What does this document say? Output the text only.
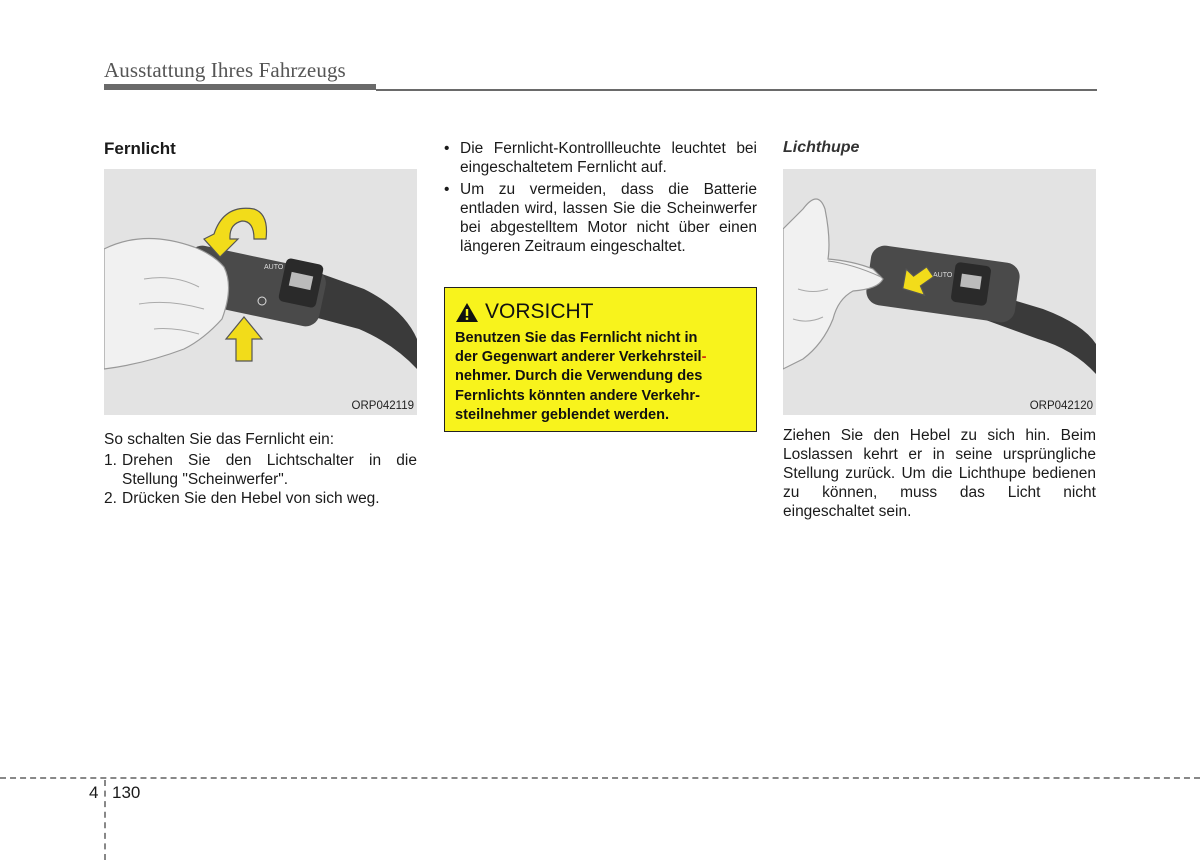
Ausstattung Ihres Fahrzeugs
Fernlicht
AUTO
ORP042119
So schalten Sie das Fernlicht ein:
1. Drehen Sie den Lichtschalter in die Stellung "Scheinwerfer".
2. Drücken Sie den Hebel von sich weg.
• Die Fernlicht-Kontrollleuchte leuchtet bei eingeschaltetem Fernlicht auf.
• Um zu vermeiden, dass die Batterie entladen wird, lassen Sie die Scheinwerfer bei abgestelltem Motor nicht über einen längeren Zeitraum eingeschaltet.
VORSICHT
Benutzen Sie das Fernlicht nicht in
der Gegenwart anderer Verkehrsteil-
nehmer. Durch die Verwendung des
Fernlichts könnten andere Verkehr-
steilnehmer geblendet werden.
Lichthupe
AUTO
ORP042120
Ziehen Sie den Hebel zu sich hin. Beim Loslassen kehrt er in seine ursprüngliche Stellung zurück. Um die Lichthupe bedienen zu können, muss das Licht nicht eingeschaltet sein.
4 130
